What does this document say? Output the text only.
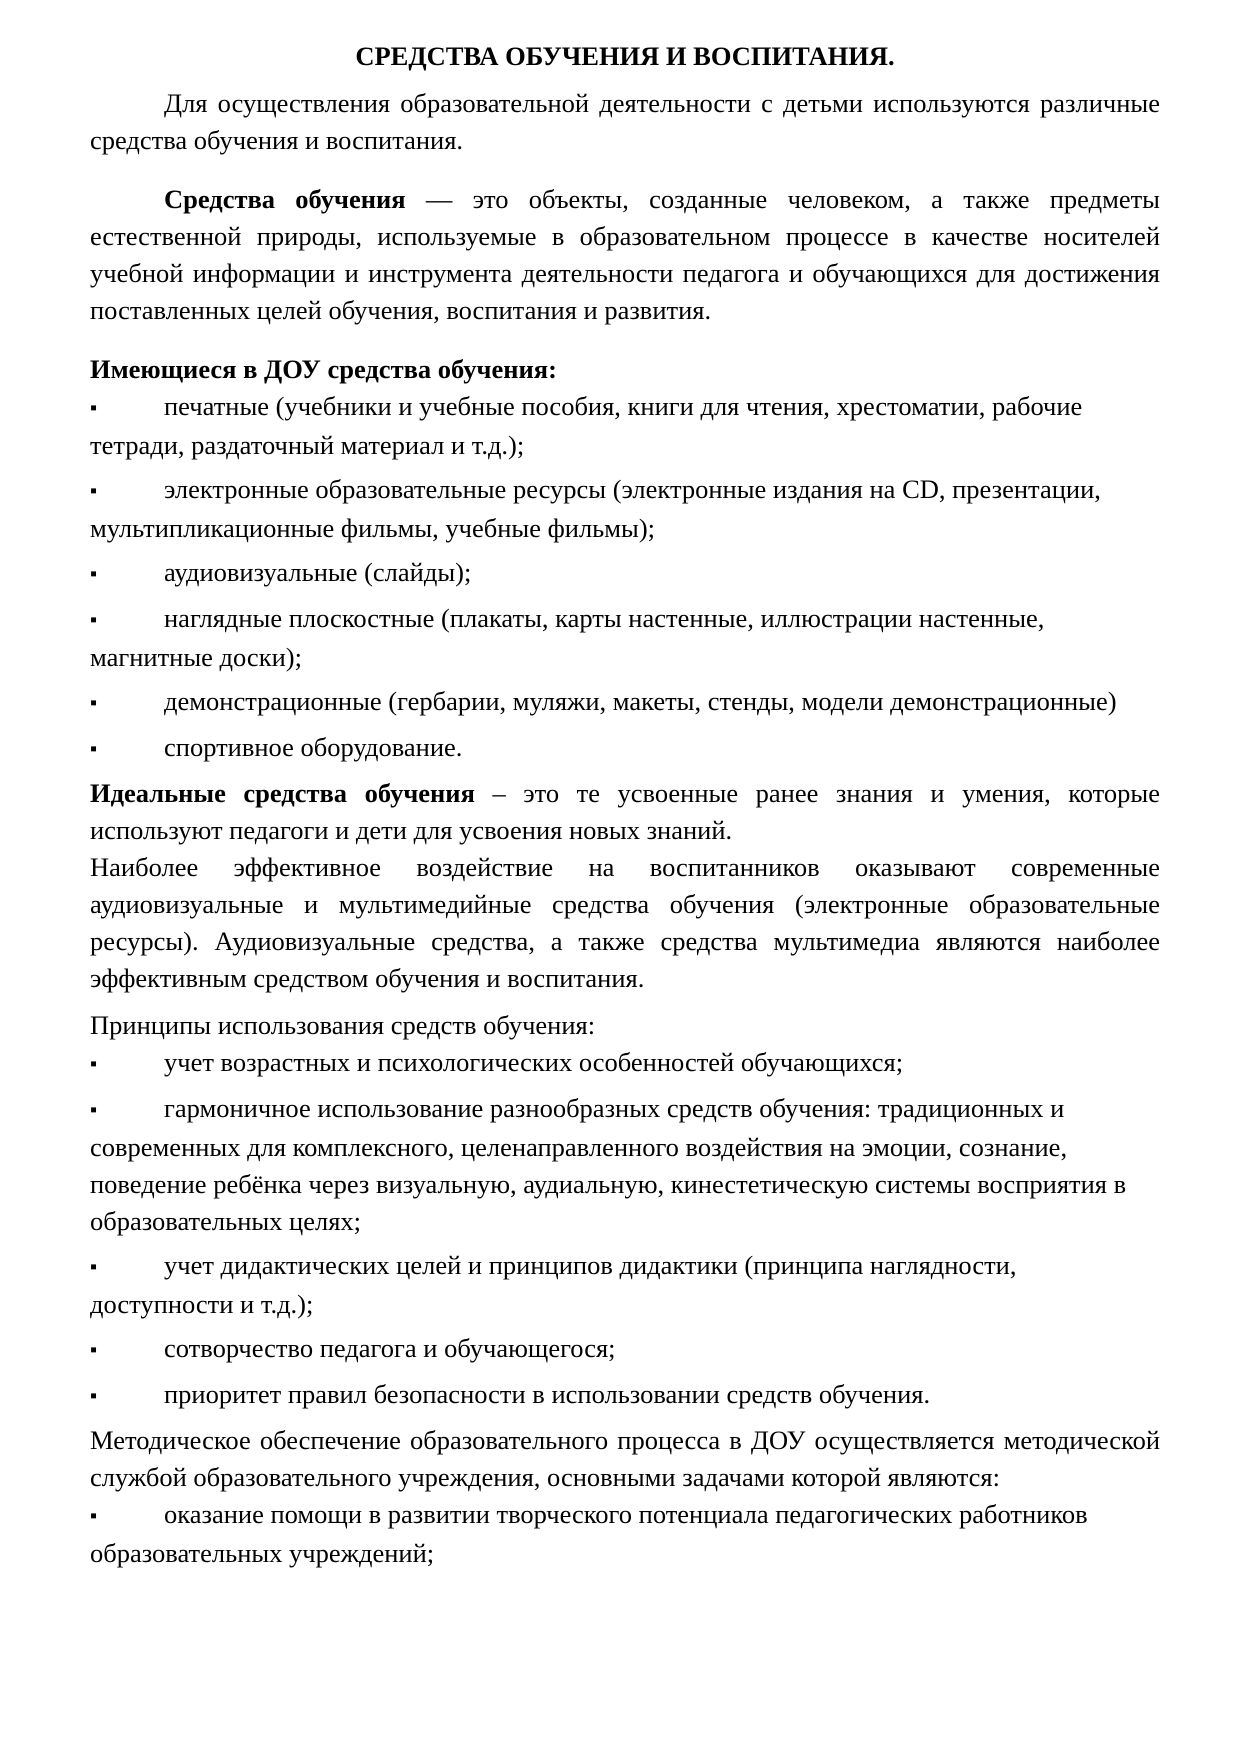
СРЕДСТВА ОБУЧЕНИЯ И ВОСПИТАНИЯ.

Для осуществления образовательной деятельности с детьми используются различные средства обучения и воспитания.

Средства обучения — это объекты, созданные человеком, а также предметы естественной природы, используемые в образовательном процессе в качестве носителей учебной информации и инструмента деятельности педагога и обучающихся для достижения поставленных целей обучения, воспитания и развития.

Имеющиеся в ДОУ средства обучения:

▪	печатные (учебники и учебные пособия, книги для чтения, хрестоматии, рабочие тетради, раздаточный материал и т.д.);
▪	электронные образовательные ресурсы (электронные издания на CD, презентации, мультипликационные фильмы, учебные фильмы);
▪	аудиовизуальные (слайды);
▪	наглядные плоскостные (плакаты, карты настенные, иллюстрации настенные, магнитные доски);
▪	демонстрационные (гербарии, муляжи, макеты, стенды, модели демонстрационные)
▪	спортивное оборудование.

Идеальные средства обучения – это те усвоенные ранее знания и умения, которые используют педагоги и дети для усвоения новых знаний.

Наиболее эффективное воздействие на воспитанников оказывают современные аудиовизуальные и мультимедийные средства обучения (электронные образовательные ресурсы). Аудиовизуальные средства, а также средства мультимедиа являются наиболее эффективным средством обучения и воспитания.

Принципы использования средств обучения:

▪	учет возрастных и психологических особенностей обучающихся;
▪	гармоничное использование разнообразных средств обучения: традиционных и современных для комплексного, целенаправленного воздействия на эмоции, сознание, поведение ребёнка через визуальную, аудиальную, кинестетическую системы восприятия в образовательных целях;
▪	учет дидактических целей и принципов дидактики (принципа наглядности, доступности и т.д.);
▪	сотворчество педагога и обучающегося;
▪	приоритет правил безопасности в использовании средств обучения.

Методическое обеспечение образовательного процесса в ДОУ осуществляется методической службой образовательного учреждения, основными задачами которой являются:

▪	оказание помощи в развитии творческого потенциала педагогических работников образовательных учреждений;
